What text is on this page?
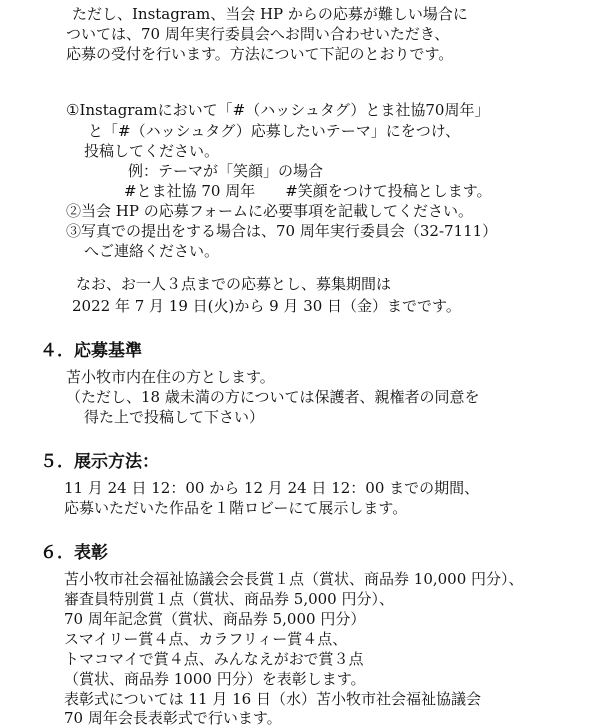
ただし、Instagram、当会 HP からの応募が難しい場合に
ついては、70 周年実行委員会へお問い合わせいただき、
応募の受付を行います。方法について下記のとおりです。
①Instagramにおいて「#（ハッシュタグ）とま社協70周年」
と「#（ハッシュタグ）応募したいテーマ」にをつけ、
投稿してください。
例：テーマが「笑顔」の場合
#とま社協 70 周年　　#笑顔をつけて投稿とします。
②当会 HP の応募フォームに必要事項を記載してください。
③写真での提出をする場合は、70 周年実行委員会（32-7111）
へご連絡ください。
なお、お一人３点までの応募とし、募集期間は
2022 年 7 月 19 日(火)から 9 月 30 日（金）までです。
４．応募基準
苫小牧市内在住の方とします。
（ただし、18 歳未満の方については保護者、親権者の同意を
得た上で投稿して下さい）
５．展示方法：
11 月 24 日 12：00 から 12 月 24 日 12：00 までの期間、
応募いただいた作品を１階ロビーにて展示します。
６．表彰
苫小牧市社会福祉協議会会長賞１点（賞状、商品券 10,000 円分）、
審査員特別賞１点（賞状、商品券 5,000 円分）、
70 周年記念賞（賞状、商品券 5,000 円分）
スマイリー賞４点、カラフリィー賞４点、
トマコマイで賞４点、みんなえがおで賞３点
（賞状、商品券 1000 円分）を表彰します。
表彰式については 11 月 16 日（水）苫小牧市社会福祉協議会
70 周年会長表彰式で行います。
